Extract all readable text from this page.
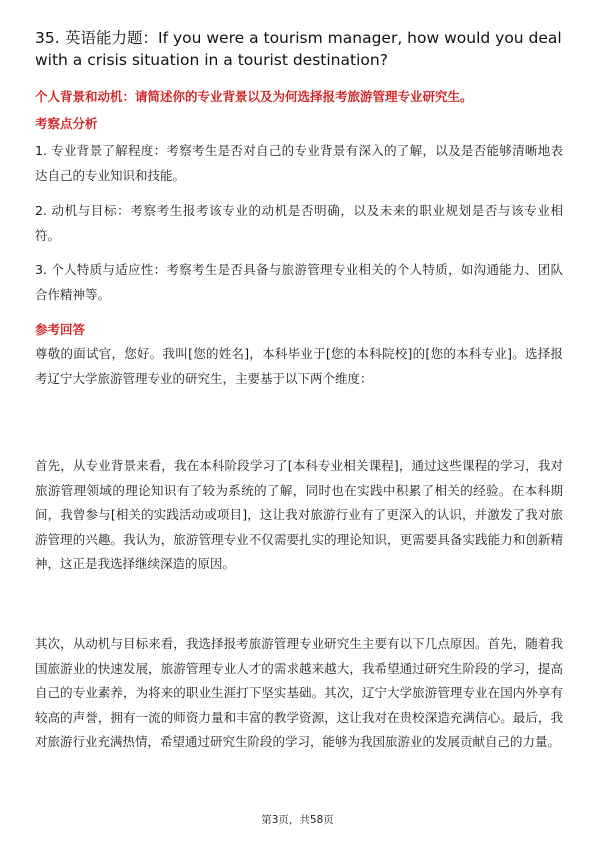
35. 英语能力题：If you were a tourism manager, how would you deal with a crisis situation in a tourist destination?
个人背景和动机：请简述你的专业背景以及为何选择报考旅游管理专业研究生。
考察点分析
1. 专业背景了解程度：考察考生是否对自己的专业背景有深入的了解，以及是否能够清晰地表达自己的专业知识和技能。
2. 动机与目标：考察考生报考该专业的动机是否明确，以及未来的职业规划是否与该专业相符。
3. 个人特质与适应性：考察考生是否具备与旅游管理专业相关的个人特质，如沟通能力、团队合作精神等。
参考回答
尊敬的面试官，您好。我叫[您的姓名]，本科毕业于[您的本科院校]的[您的本科专业]。选择报考辽宁大学旅游管理专业的研究生，主要基于以下两个维度：
首先，从专业背景来看，我在本科阶段学习了[本科专业相关课程]，通过这些课程的学习，我对旅游管理领域的理论知识有了较为系统的了解，同时也在实践中积累了相关的经验。在本科期间，我曾参与[相关的实践活动或项目]，这让我对旅游行业有了更深入的认识，并激发了我对旅游管理的兴趣。我认为，旅游管理专业不仅需要扎实的理论知识，更需要具备实践能力和创新精神，这正是我选择继续深造的原因。
其次，从动机与目标来看，我选择报考旅游管理专业研究生主要有以下几点原因。首先，随着我国旅游业的快速发展，旅游管理专业人才的需求越来越大，我希望通过研究生阶段的学习，提高自己的专业素养，为将来的职业生涯打下坚实基础。其次，辽宁大学旅游管理专业在国内外享有较高的声誉，拥有一流的师资力量和丰富的教学资源，这让我对在贵校深造充满信心。最后，我对旅游行业充满热情，希望通过研究生阶段的学习，能够为我国旅游业的发展贡献自己的力量。
第3页，共58页
